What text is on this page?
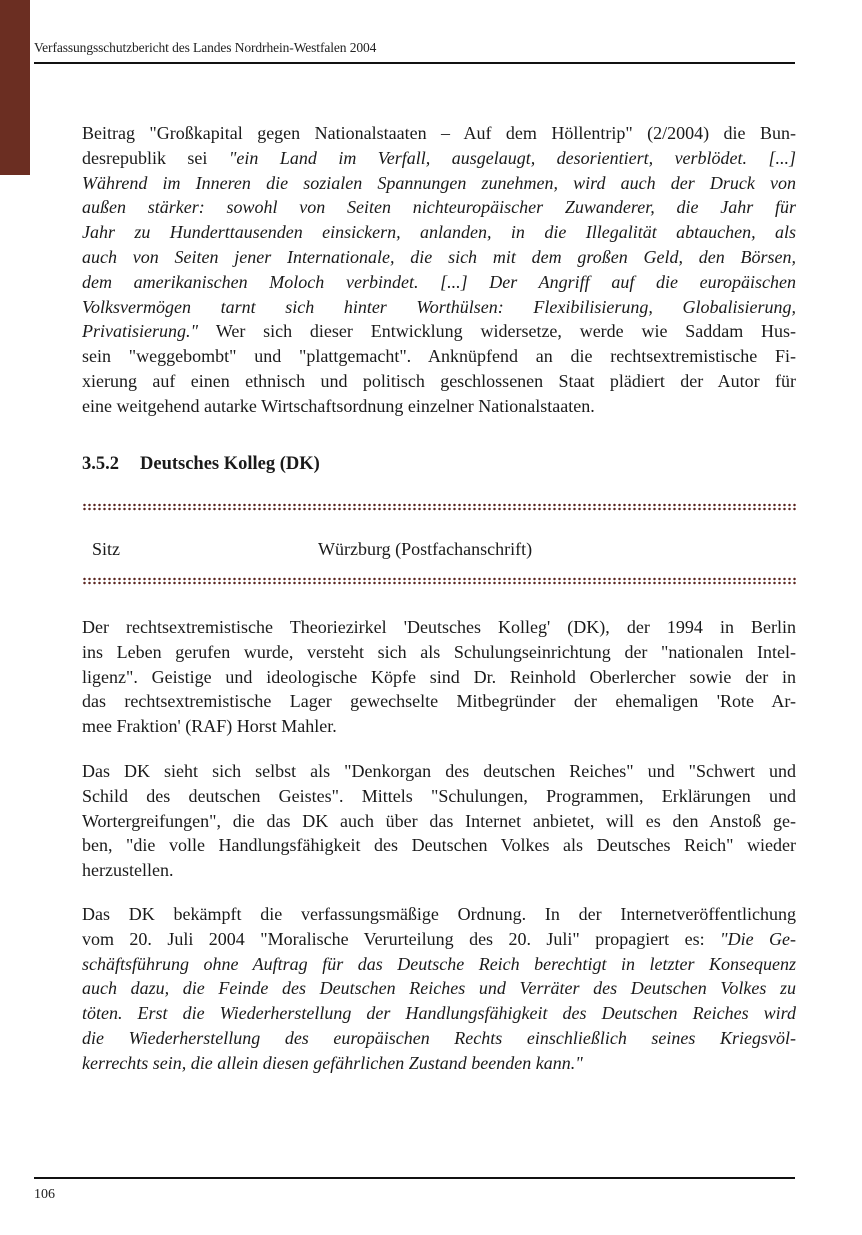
Verfassungsschutzbericht des Landes Nordrhein-Westfalen 2004
Beitrag "Großkapital gegen Nationalstaaten – Auf dem Höllentrip" (2/2004) die Bun-
desrepublik sei "ein Land im Verfall, ausgelaugt, desorientiert, verblödet. [...]
Während im Inneren die sozialen Spannungen zunehmen, wird auch der Druck von
außen stärker: sowohl von Seiten nichteuropäischer Zuwanderer, die Jahr für
Jahr zu Hunderttausenden einsickern, anlanden, in die Illegalität abtauchen, als
auch von Seiten jener Internationale, die sich mit dem großen Geld, den Börsen,
dem amerikanischen Moloch verbindet. [...] Der Angriff auf die europäischen
Volksvermögen tarnt sich hinter Worthülsen: Flexibilisierung, Globalisierung,
Privatisierung." Wer sich dieser Entwicklung widersetze, werde wie Saddam Hus-
sein "weggebombt" und "plattgemacht". Anknüpfend an die rechtsextremistische Fi-
xierung auf einen ethnisch und politisch geschlossenen Staat plädiert der Autor für
eine weitgehend autarke Wirtschaftsordnung einzelner Nationalstaaten.
3.5.2 Deutsches Kolleg (DK)
Sitz	Würzburg (Postfachanschrift)
Der rechtsextremistische Theoriezirkel 'Deutsches Kolleg' (DK), der 1994 in Berlin
ins Leben gerufen wurde, versteht sich als Schulungseinrichtung der "nationalen Intel-
ligenz". Geistige und ideologische Köpfe sind Dr. Reinhold Oberlercher sowie der in
das rechtsextremistische Lager gewechselte Mitbegründer der ehemaligen 'Rote Ar-
mee Fraktion' (RAF) Horst Mahler.
Das DK sieht sich selbst als "Denkorgan des deutschen Reiches" und "Schwert und
Schild des deutschen Geistes". Mittels "Schulungen, Programmen, Erklärungen und
Wortergreifungen", die das DK auch über das Internet anbietet, will es den Anstoß ge-
ben, "die volle Handlungsfähigkeit des Deutschen Volkes als Deutsches Reich" wieder
herzustellen.
Das DK bekämpft die verfassungsmäßige Ordnung. In der Internetveröffentlichung
vom 20. Juli 2004 "Moralische Verurteilung des 20. Juli" propagiert es: "Die Ge-
schäftsführung ohne Auftrag für das Deutsche Reich berechtigt in letzter Konsequenz
auch dazu, die Feinde des Deutschen Reiches und Verräter des Deutschen Volkes zu
töten. Erst die Wiederherstellung der Handlungsfähigkeit des Deutschen Reiches wird
die Wiederherstellung des europäischen Rechts einschließlich seines Kriegsvöl-
kerrechts sein, die allein diesen gefährlichen Zustand beenden kann."
106
